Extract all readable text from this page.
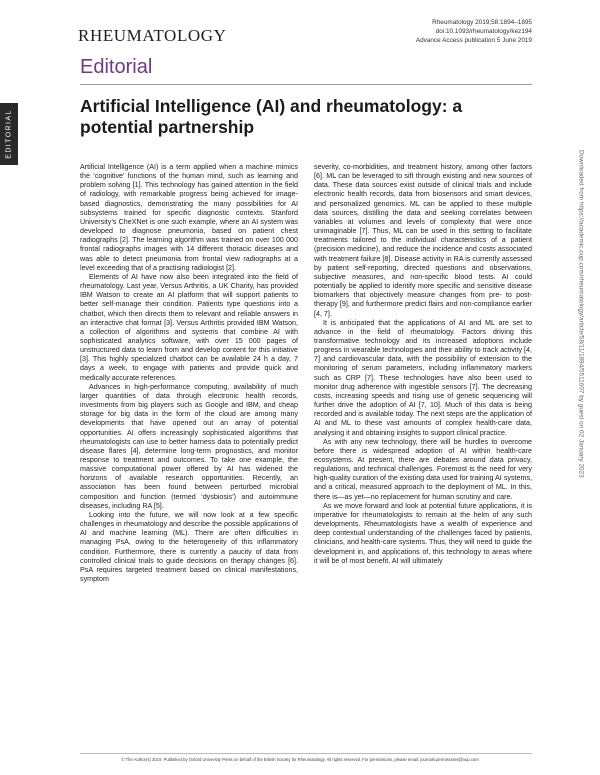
RHEUMATOLOGY
Rheumatology 2019;58:1894–1895
doi:10.1093/rheumatology/kez194
Advance Access publication 5 June 2019
Editorial
EDITORIAL
Artificial Intelligence (AI) and rheumatology: a potential partnership

Artificial Intelligence (AI) is a term applied when a machine mimics the ‘cognitive’ functions of the human mind, such as learning and problem solving [1]. This technology has gained attention in the field of radiology, with remarkable progress being achieved for image-based diagnostics, demonstrating the many possibilities for AI subsystems trained for specific diagnostic contexts. Stanford University’s CheXNet is one such example, where an AI system was developed to diagnose pneumonia, based on patient chest radiographs [2]. The learning algorithm was trained on over 100 000 frontal radiographs images with 14 different thoracic diseases and was able to detect pneumonia from frontal view radiographs at a level exceeding that of a practising radiologist [2].

Elements of AI have now also been integrated into the field of rheumatology. Last year, Versus Arthritis, a UK Charity, has provided IBM Watson to create an AI platform that will support patients to better self-manage their condition. Patients type questions into a chatbot, which then directs them to relevant and reliable answers in an interactive chat format [3]. Versus Arthritis provided IBM Watson, a collection of algorithms and systems that combine AI with sophisticated analytics software, with over 15 000 pages of unstructured data to learn from and develop content for this initiative [3]. This highly specialized chatbot can be available 24 h a day, 7 days a week, to engage with patients and provide quick and medically accurate references.

Advances in high-performance computing, availability of much larger quantities of data through electronic health records, investments from big players such as Google and IBM, and cheap storage for big data in the form of the cloud are among many developments that have opened out an array of potential opportunities. AI offers increasingly sophisticated algorithms that rheumatologists can use to better harness data to potentially predict disease flares [4], determine long-term prognostics, and monitor response to treatment and outcomes. To take one example, the massive computational power offered by AI has widened the horizons of available research opportunities. Recently, an association has been found between perturbed microbial composition and function (termed ‘dysbiosis’) and autoimmune diseases, including RA [5].

Looking into the future, we will now look at a few specific challenges in rheumatology and describe the possible applications of AI and machine learning (ML). There are often difficulties in managing PsA, owing to the heterogeneity of this inflammatory condition. Furthermore, there is currently a paucity of data from controlled clinical trials to guide decisions on therapy changes [6]. PsA requires targeted treatment based on clinical manifestations, symptom

severity, co-morbidities, and treatment history, among other factors [6]. ML can be leveraged to sift through existing and new sources of data. These data sources exist outside of clinical trials and include electronic health records, data from biosensors and smart devices, and personalized genomics. ML can be applied to these multiple data sources, distilling the data and seeking correlates between variables at volumes and levels of complexity that were once unimaginable [7]. Thus, ML can be used in this setting to facilitate treatments tailored to the individual characteristics of a patient (precision medicine), and reduce the incidence and costs associated with treatment failure [8]. Disease activity in RA is currently assessed by patient self-reporting, directed questions and observations, subjective measures, and non-specific blood tests. AI could potentially be applied to identify more specific and sensitive disease biomarkers that objectively measure changes from pre- to post-therapy [9], and furthermore predict flairs and non-compliance earlier [4, 7].

It is anticipated that the applications of AI and ML are set to advance in the field of rheumatology. Factors driving this transformative technology and its increased adoptions include progress in wearable technologies and their ability to track activity [4, 7] and cardiovascular data, with the possibility of extension to the monitoring of serum parameters, including inflammatory markers such as CRP [7]. These technologies have also been used to monitor drug adherence with ingestible sensors [7]. The decreasing costs, increasing speeds and rising use of genetic sequencing will further drive the adoption of AI [7, 10]. Much of this data is being recorded and is available today. The next steps are the application of AI and ML to these vast amounts of complex health-care data, analysing it and obtaining insights to support clinical practice.

As with any new technology, there will be hurdles to overcome before there is widespread adoption of AI within health-care ecosystems. At present, there are debates around data privacy, regulations, and technical challenges. Foremost is the need for very high-quality curation of the existing data used for training AI systems, and a critical, measured approach to the deployment of ML. In this, there is—as yet—no replacement for human scrutiny and care.

As we move forward and look at potential future applications, it is imperative for rheumatologists to remain at the helm of any such developments. Rheumatologists have a wealth of experience and deep contextual understanding of the challenges faced by patients, clinicians, and health-care systems. Thus, they will need to guide the development in, and applications of, this technology to areas where it will be of most benefit. AI will ultimately

Downloaded from https://academic.oup.com/rheumatology/article/58/11/1894/5511607 by guest on 02 January 2023
© The Author(s) 2019. Published by Oxford University Press on behalf of the British Society for Rheumatology. All rights reserved. For permissions, please email: journals.permissions@oup.com
